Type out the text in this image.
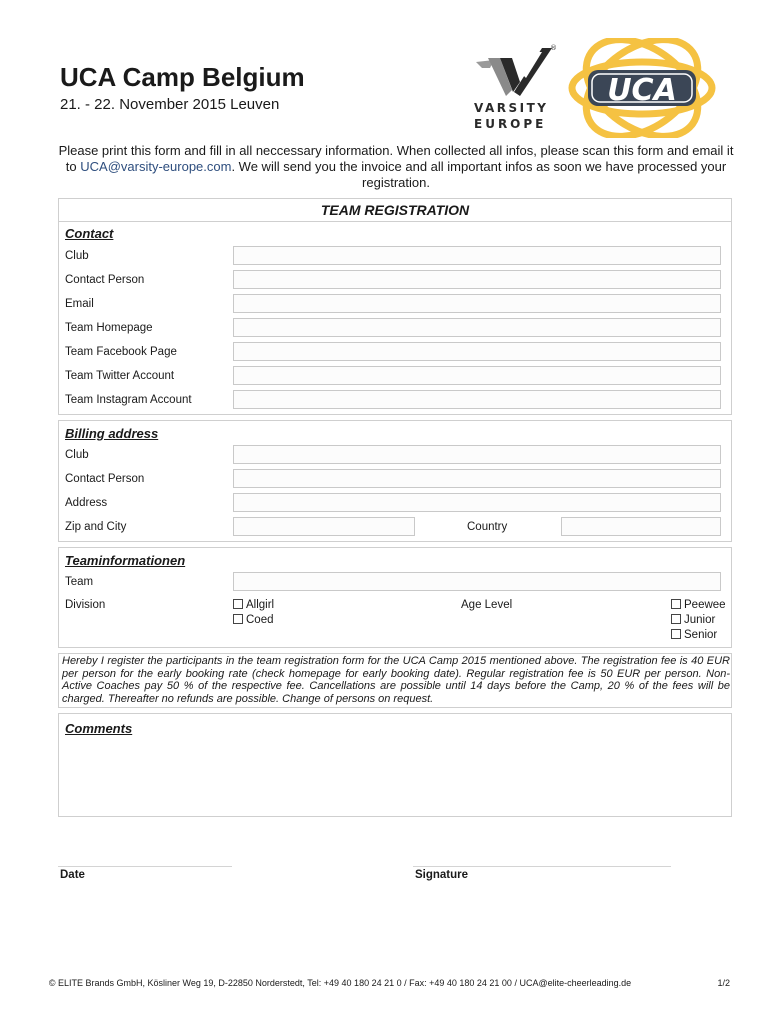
UCA Camp Belgium
21. - 22. November 2015 Leuven
®
VARSITY
EUROPE
UCA
Please print this form and fill in all neccessary information. When collected all infos, please scan this form and email it to UCA@varsity-europe.com. We will send you the invoice and all important infos as soon we have processed your registration.
TEAM REGISTRATION
Contact
Club
Contact Person
Email
Team Homepage
Team Facebook Page
Team Twitter Account
Team Instagram Account
Billing address
Club
Contact Person
Address
Zip and City	Country
Teaminformationen
Team
Division	Allgirl
Coed
Age Level	Peewee
Junior
Senior
Hereby I register the participants in the team registration form for the UCA Camp 2015 mentioned above. The registration fee is 40 EUR per person for the early booking rate (check homepage for early booking date). Regular registration fee is 50 EUR per person. Non-Active Coaches pay 50 % of the respective fee. Cancellations are possible until 14 days before the Camp, 20 % of the fees will be charged. Thereafter no refunds are possible. Change of persons on request.
Comments
Date	Signature
© ELITE Brands GmbH, Kösliner Weg 19, D-22850 Norderstedt, Tel: +49 40 180 24 21 0 / Fax: +49 40 180 24 21 00 / UCA@elite-cheerleading.de	1/2
